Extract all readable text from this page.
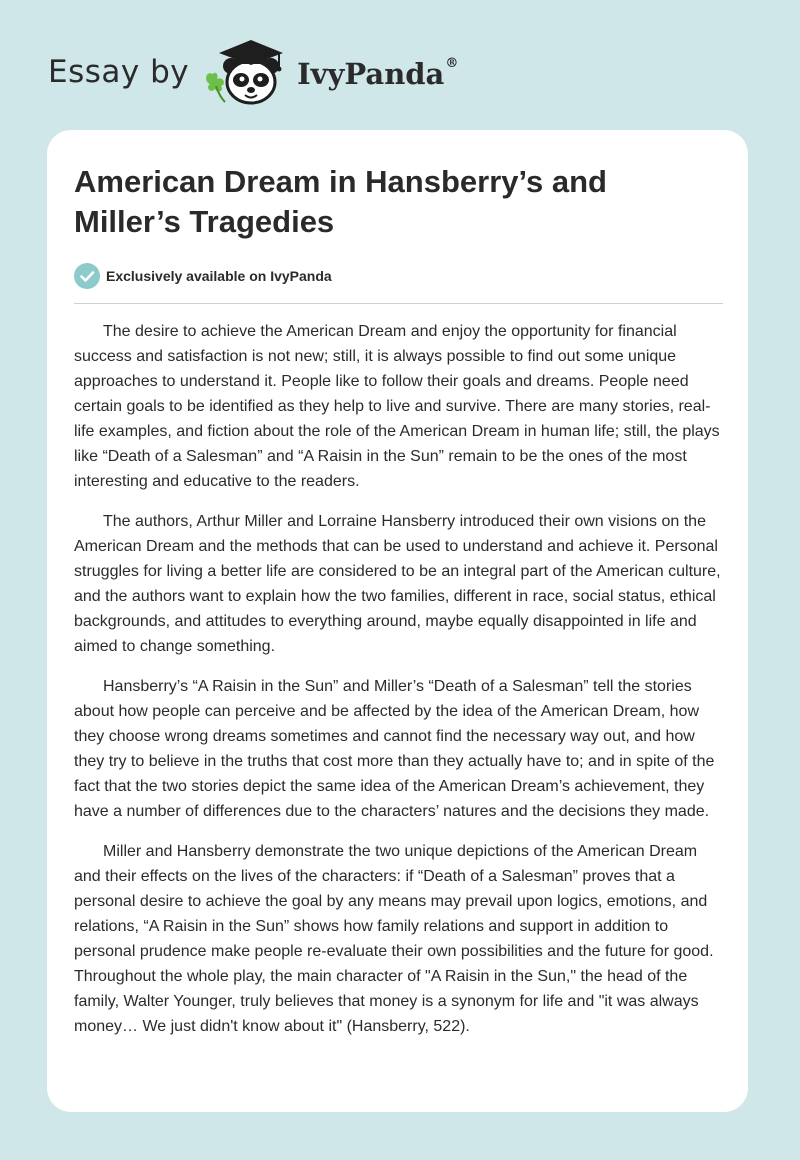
Essay by	IvyPanda®
American Dream in Hansberry’s and Miller’s Tragedies
Exclusively available on IvyPanda

The desire to achieve the American Dream and enjoy the opportunity for financial success and satisfaction is not new; still, it is always possible to find out some unique approaches to understand it. People like to follow their goals and dreams. People need certain goals to be identified as they help to live and survive. There are many stories, real-life examples, and fiction about the role of the American Dream in human life; still, the plays like “Death of a Salesman” and “A Raisin in the Sun” remain to be the ones of the most interesting and educative to the readers.

The authors, Arthur Miller and Lorraine Hansberry introduced their own visions on the American Dream and the methods that can be used to understand and achieve it. Personal struggles for living a better life are considered to be an integral part of the American culture, and the authors want to explain how the two families, different in race, social status, ethical backgrounds, and attitudes to everything around, maybe equally disappointed in life and aimed to change something.

Hansberry’s “A Raisin in the Sun” and Miller’s “Death of a Salesman” tell the stories about how people can perceive and be affected by the idea of the American Dream, how they choose wrong dreams sometimes and cannot find the necessary way out, and how they try to believe in the truths that cost more than they actually have to; and in spite of the fact that the two stories depict the same idea of the American Dream’s achievement, they have a number of differences due to the characters’ natures and the decisions they made.

Miller and Hansberry demonstrate the two unique depictions of the American Dream and their effects on the lives of the characters: if “Death of a Salesman” proves that a personal desire to achieve the goal by any means may prevail upon logics, emotions, and relations, “A Raisin in the Sun” shows how family relations and support in addition to personal prudence make people re-evaluate their own possibilities and the future for good. Throughout the whole play, the main character of "A Raisin in the Sun," the head of the family, Walter Younger, truly believes that money is a synonym for life and "it was always money… We just didn't know about it" (Hansberry, 522).
